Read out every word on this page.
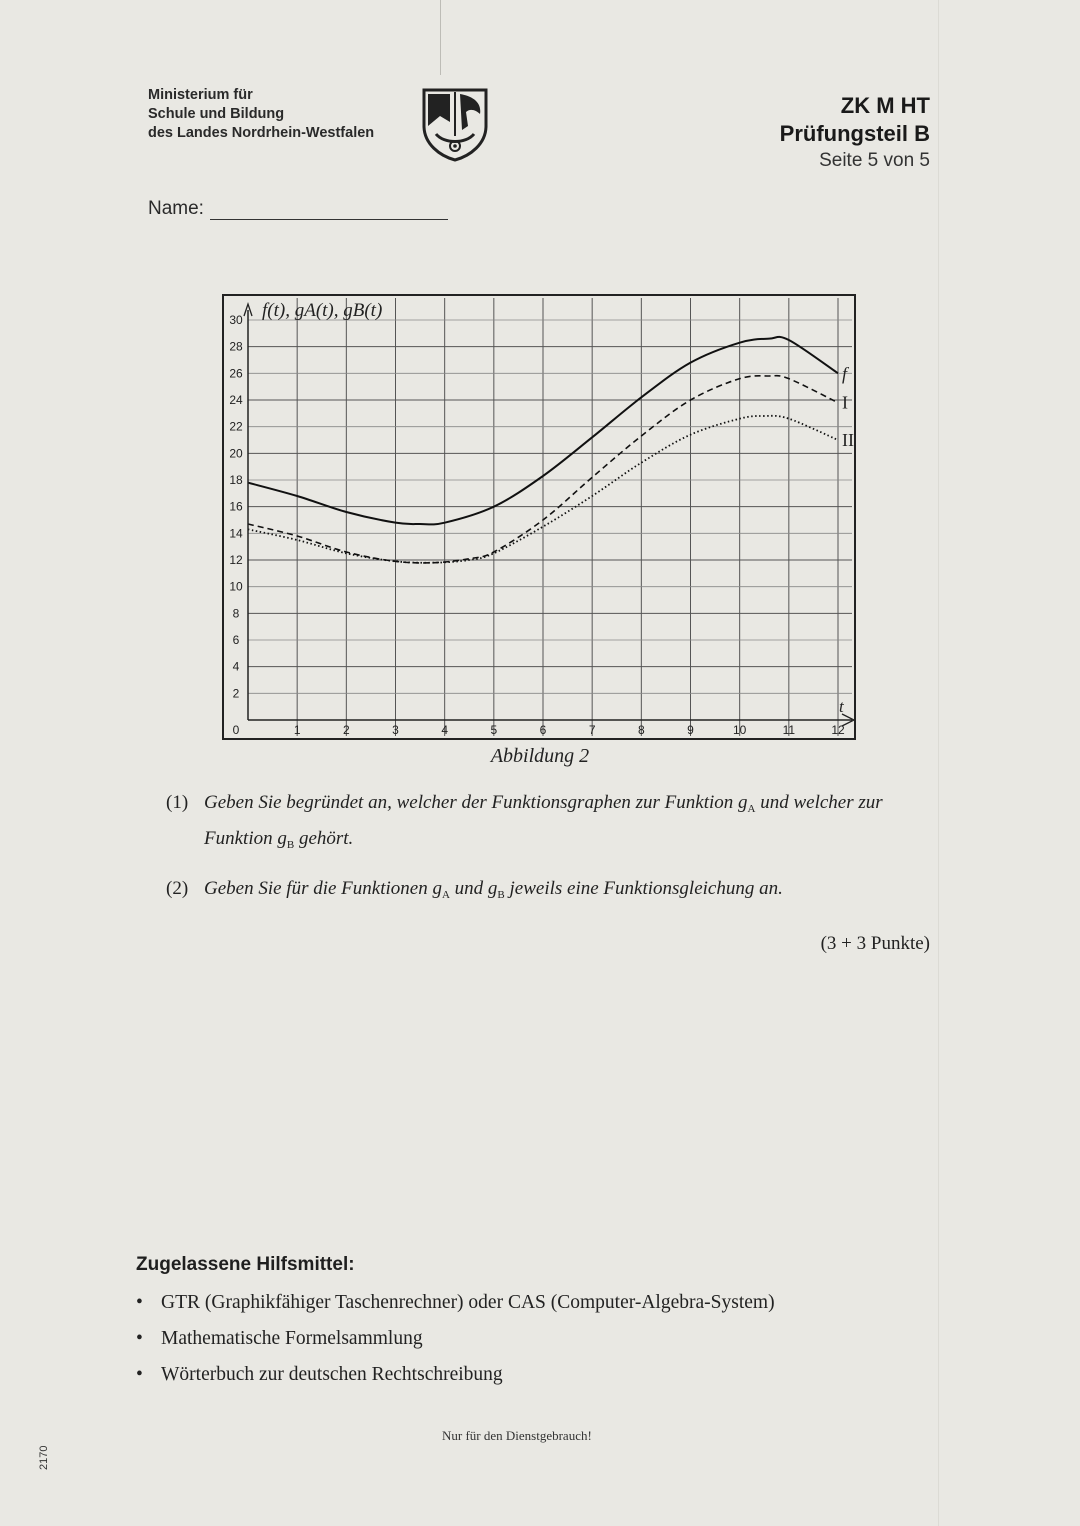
Ministerium für
Schule und Bildung
des Landes Nordrhein-Westfalen
ZK M HT
Prüfungsteil B
Seite 5 von 5
Name:
0	1	2	3	4	5	6	7	8	9	10	11	12
2
4
6
8
10
12
14
16
18
20
22
24
26
28
30
f
I
II
f(t), gA(t), gB(t)
t
Abbildung 2
(1) Geben Sie begründet an, welcher der Funktionsgraphen zur Funktion $g_A$ und welcher zur Funktion $g_B$ gehört.
(2) Geben Sie für die Funktionen $g_A$ und $g_B$ jeweils eine Funktionsgleichung an.
(3 + 3 Punkte)
Zugelassene Hilfsmittel:
• GTR (Graphikfähiger Taschenrechner) oder CAS (Computer-Algebra-System)
• Mathematische Formelsammlung
• Wörterbuch zur deutschen Rechtschreibung
Nur für den Dienstgebrauch!
2170
